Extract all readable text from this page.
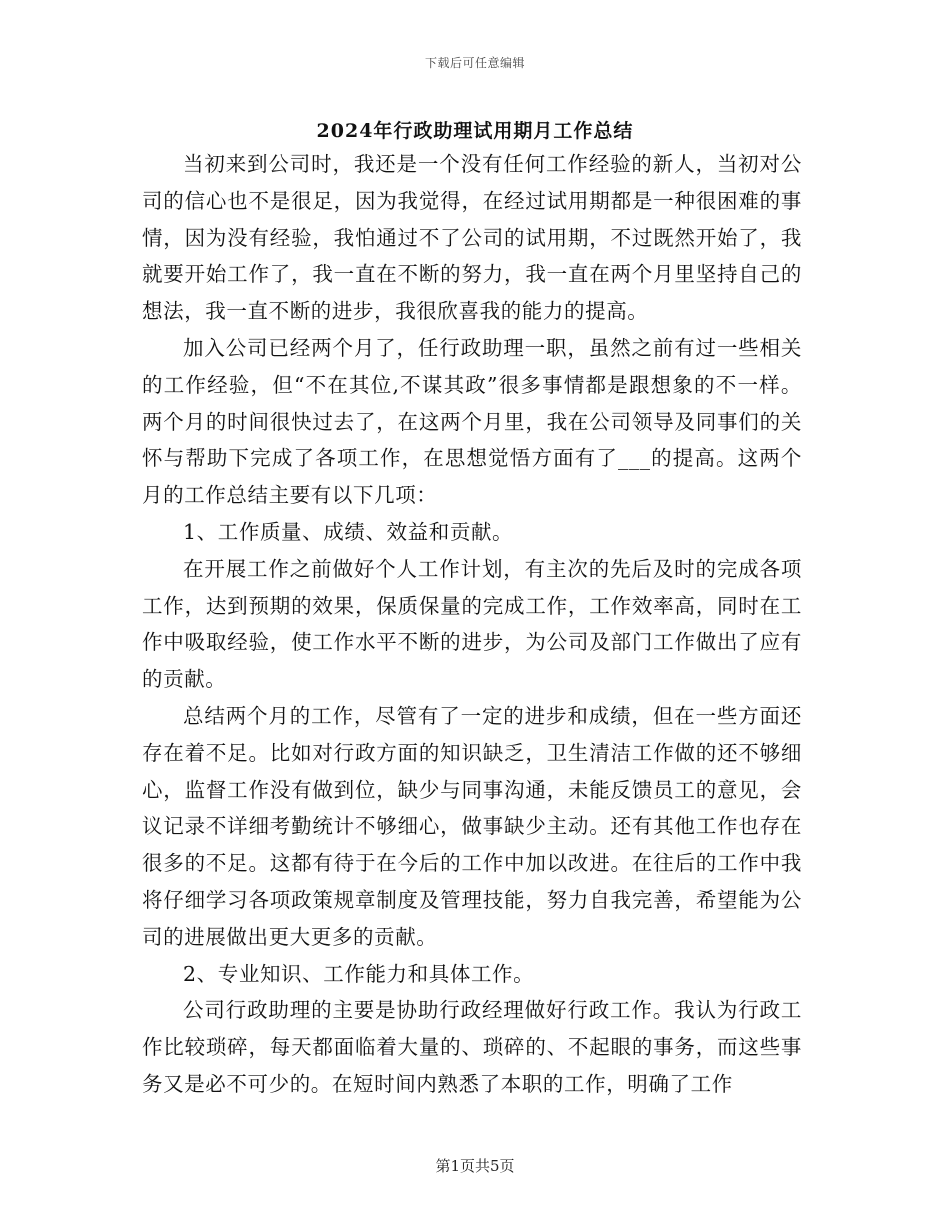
下载后可任意编辑
2024年行政助理试用期月工作总结

当初来到公司时，我还是一个没有任何工作经验的新人，当初对公司的信心也不是很足，因为我觉得，在经过试用期都是一种很困难的事情，因为没有经验，我怕通过不了公司的试用期，不过既然开始了，我就要开始工作了，我一直在不断的努力，我一直在两个月里坚持自己的想法，我一直不断的进步，我很欣喜我的能力的提高。

加入公司已经两个月了，任行政助理一职，虽然之前有过一些相关的工作经验，但“不在其位,不谋其政”很多事情都是跟想象的不一样。两个月的时间很快过去了，在这两个月里，我在公司领导及同事们的关怀与帮助下完成了各项工作，在思想觉悟方面有了___的提高。这两个月的工作总结主要有以下几项：

1、工作质量、成绩、效益和贡献。

在开展工作之前做好个人工作计划，有主次的先后及时的完成各项工作，达到预期的效果，保质保量的完成工作，工作效率高，同时在工作中吸取经验，使工作水平不断的进步，为公司及部门工作做出了应有的贡献。

总结两个月的工作，尽管有了一定的进步和成绩，但在一些方面还存在着不足。比如对行政方面的知识缺乏，卫生清洁工作做的还不够细心，监督工作没有做到位，缺少与同事沟通，未能反馈员工的意见，会议记录不详细考勤统计不够细心，做事缺少主动。还有其他工作也存在很多的不足。这都有待于在今后的工作中加以改进。在往后的工作中我将仔细学习各项政策规章制度及管理技能，努力自我完善，希望能为公司的进展做出更大更多的贡献。

2、专业知识、工作能力和具体工作。

公司行政助理的主要是协助行政经理做好行政工作。我认为行政工作比较琐碎，每天都面临着大量的、琐碎的、不起眼的事务，而这些事务又是必不可少的。在短时间内熟悉了本职的工作，明确了工作

第1页共5页
